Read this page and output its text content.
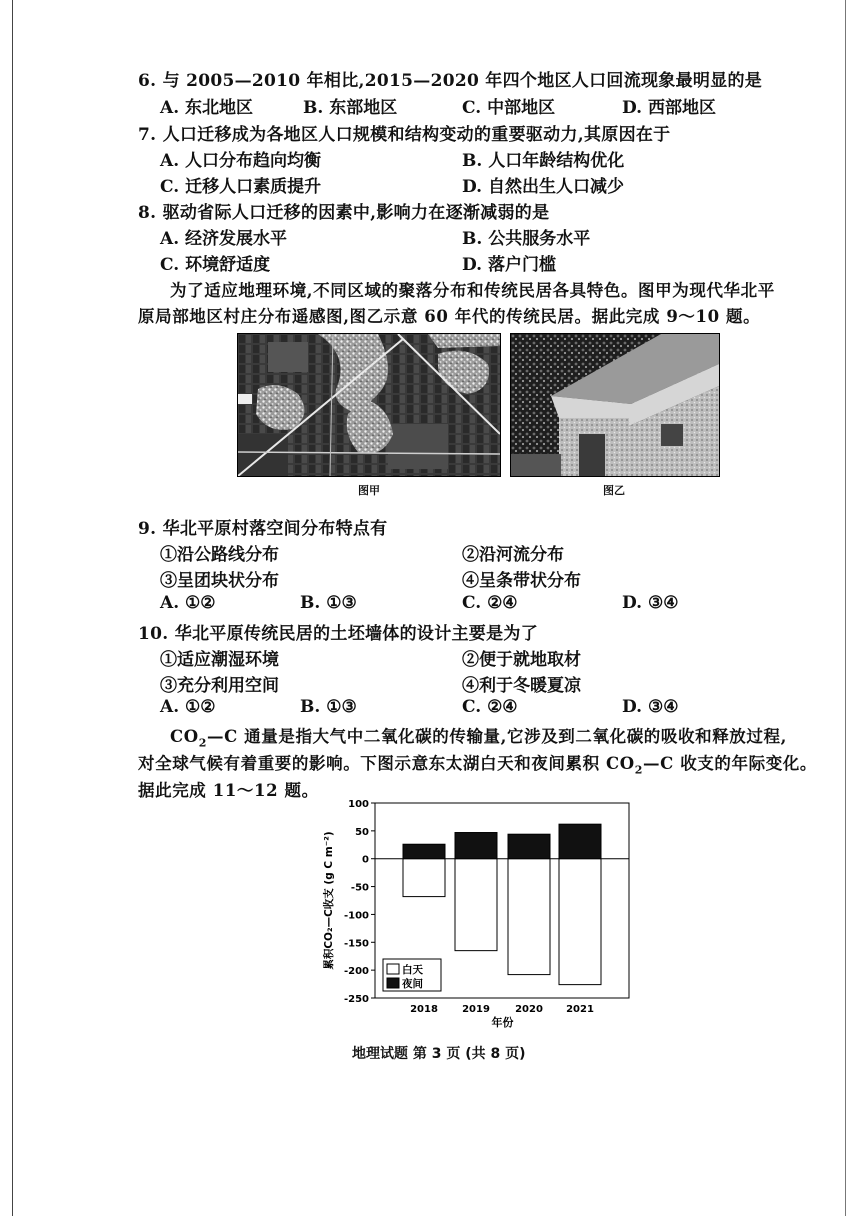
6. 与 2005—2010 年相比,2015—2020 年四个地区人口回流现象最明显的是
A. 东北地区	B. 东部地区	C. 中部地区	D. 西部地区
7. 人口迁移成为各地区人口规模和结构变动的重要驱动力,其原因在于
A. 人口分布趋向均衡	B. 人口年龄结构优化
C. 迁移人口素质提升	D. 自然出生人口减少
8. 驱动省际人口迁移的因素中,影响力在逐渐减弱的是
A. 经济发展水平	B. 公共服务水平
C. 环境舒适度	D. 落户门槛
为了适应地理环境,不同区域的聚落分布和传统民居各具特色。图甲为现代华北平
原局部地区村庄分布遥感图,图乙示意 60 年代的传统民居。据此完成 9～10 题。
图甲	图乙
9. 华北平原村落空间分布特点有
①沿公路线分布	②沿河流分布
③呈团块状分布	④呈条带状分布
A. ①②	B. ①③	C. ②④	D. ③④
10. 华北平原传统民居的土坯墙体的设计主要是为了
①适应潮湿环境	②便于就地取材
③充分利用空间	④利于冬暖夏凉
A. ①②	B. ①③	C. ②④	D. ③④
$CO_2—C$ 通量是指大气中二氧化碳的传输量,它涉及到二氧化碳的吸收和释放过程,
对全球气候有着重要的影响。下图示意东太湖白天和夜间累积 $CO_2—C$ 收支的年际变化。
据此完成 11～12 题。
100
50
0
-50
-100
-150
-200
-250
2018 2019	2020 2021
年份
累积CO₂—C收支 (g C m⁻²)
白天
夜间
地理试题 第 3 页 (共 8 页)
